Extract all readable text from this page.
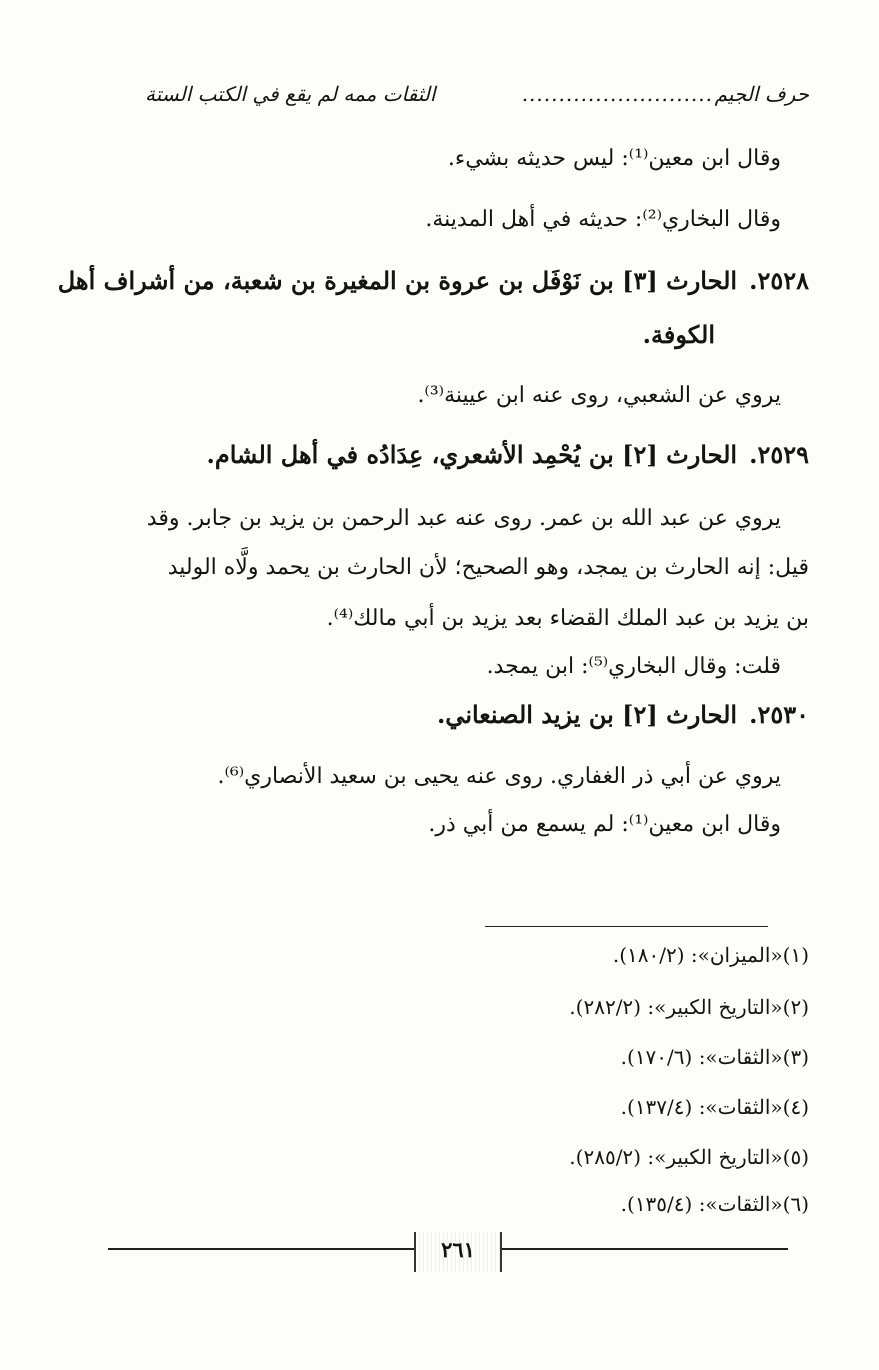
حرف الجيم
..........................
الثقات ممه لم يقع في الكتب الستة
وقال ابن معين⁽¹⁾: ليس حديثه بشيء.
وقال البخاري⁽²⁾: حديثه في أهل المدينة.
٢٥٢٨.الحارث [٣] بن نَوْفَل بن عروة بن المغيرة بن شعبة، من أشراف أهل
الكوفة.
يروي عن الشعبي، روى عنه ابن عيينة⁽³⁾.
٢٥٢٩.الحارث [٢] بن يُحْمِد الأشعري، عِدَادُه في أهل الشام.
يروي عن عبد الله بن عمر. روى عنه عبد الرحمن بن يزيد بن جابر. وقد
قيل: إنه الحارث بن يمجد، وهو الصحيح؛ لأن الحارث بن يحمد ولَّاه الوليد
بن يزيد بن عبد الملك القضاء بعد يزيد بن أبي مالك⁽⁴⁾.
قلت: وقال البخاري⁽⁵⁾: ابن يمجد.
٢٥٣٠.الحارث [٢] بن يزيد الصنعاني.
يروي عن أبي ذر الغفاري. روى عنه يحيى بن سعيد الأنصاري⁽⁶⁾.
وقال ابن معين⁽¹⁾: لم يسمع من أبي ذر.
(١)«الميزان»: (١٨٠/٢).
(٢)«التاريخ الكبير»: (٢٨٢/٢).
(٣)«الثقات»: (١٧٠/٦).
(٤)«الثقات»: (١٣٧/٤).
(٥)«التاريخ الكبير»: (٢٨٥/٢).
(٦)«الثقات»: (١٣٥/٤).
٢٦١
